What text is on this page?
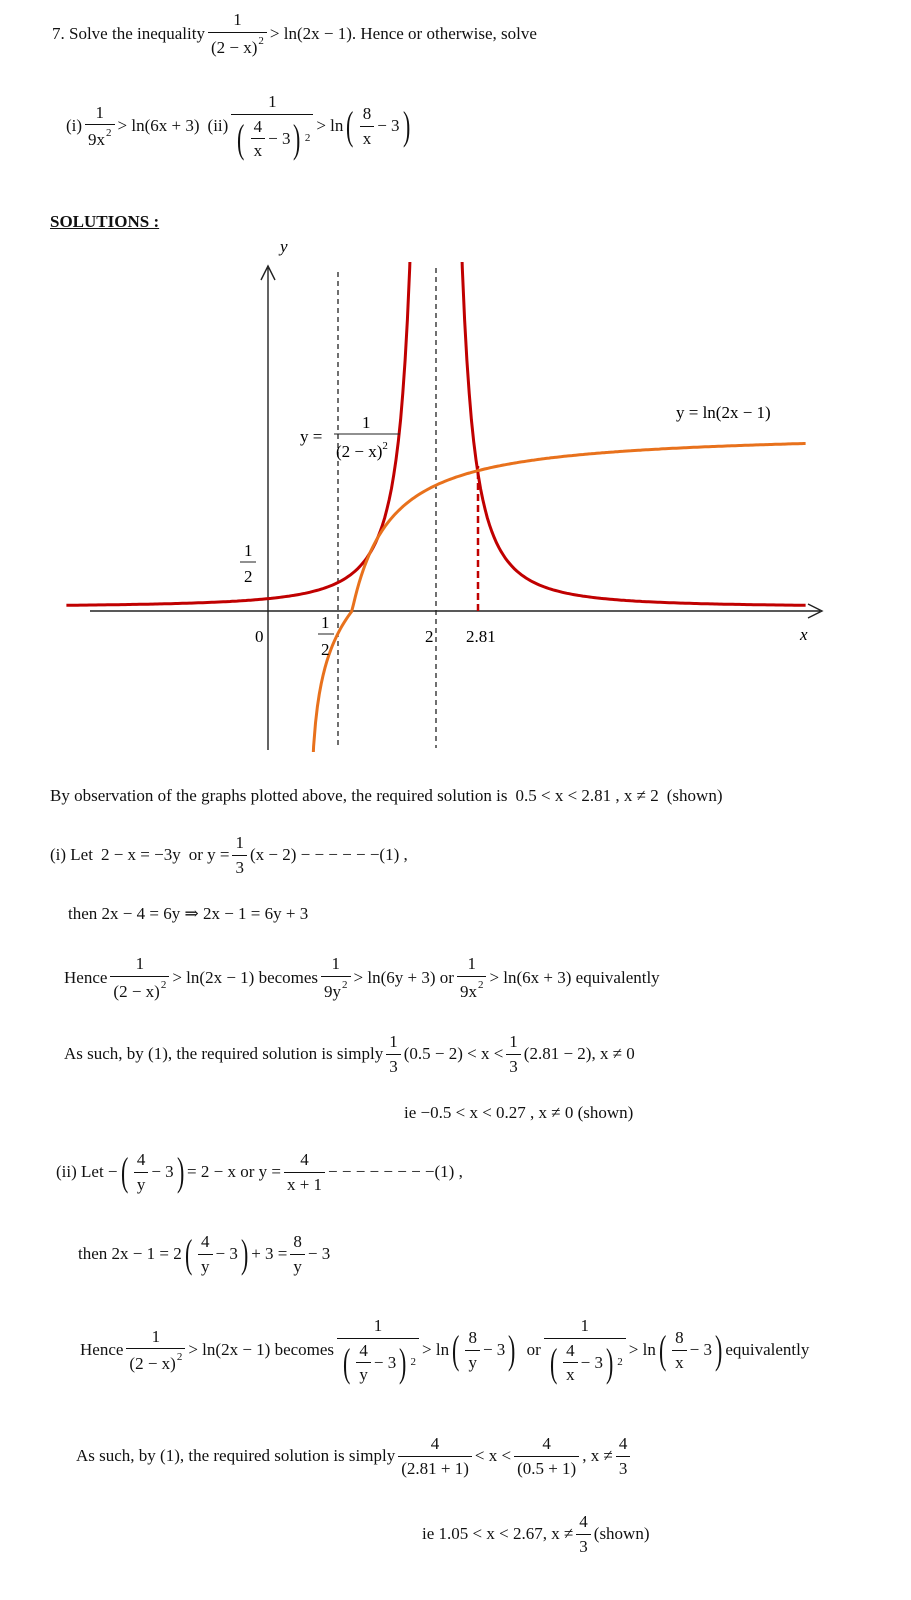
7. Solve the inequality $\frac{1}{(2 - x)^2} > \ln(2x - 1)$ . Hence or otherwise, solve
$(i) \frac{1}{9x^2} > \ln(6x + 3)$ $(ii) \frac{1}{( \frac{4}{x} - 3 ) 2} > \ln$ ( $\frac{8}{x} - 3$ )
SOLUTIONS :
y
x
0
1
2
2 2.81
1
2
y = ln(2x − 1)
y =
1
$(2 - x)^2$
By observation of the graphs plotted above, the required solution is 0.5 < x < 2.81 , x ≠ 2 (shown)
(i) Let 2 − x = −3y or $y = \frac{1}{3} (x - 2)$ − − − − − −(1) ,
then 2x − 4 = 6y ⇒ 2x − 1 = 6y + 3
Hence $\frac{1}{(2 - x)^2} > \ln(2x - 1)$ becomes $\frac{1}{9y^2} > \ln(6y + 3)$ or $\frac{1}{9x^2} > \ln(6x + 3)$ equivalently
As such, by (1), the required solution is simply $\frac{1}{3} (0.5 - 2) < x < \frac{1}{3} (2.81 - 2)$, x ≠ 0
ie −0.5 < x < 0.27 , x ≠ 0 (shown)
(ii) Let − ( $\frac{4}{y} - 3$ ) = 2 − x or $y = \frac{4}{x + 1}$ − − − − − − − −(1) ,
then 2x − 1 = 2 ( $\frac{4}{y} - 3$ ) + $3 = \frac{8}{y} - 3$
Hence $\frac{1}{(2 - x)^2} > \ln(2x - 1)$ becomes $\frac{1}{( \frac{4}{y} - 3 ) 2} > \ln$ ( $\frac{8}{y} - 3$ ) or $\frac{1}{( \frac{4}{x} - 3 ) 2} > \ln$ ( $\frac{8}{x} - 3$ ) equivalently
As such, by (1), the required solution is simply $\frac{4}{(2.81 + 1)} < x < \frac{4}{(0.5 + 1)}$ , $x \ne \frac{4}{3}$
ie 1.05 < x < 2.67, $x \ne \frac{4}{3}$ (shown)
